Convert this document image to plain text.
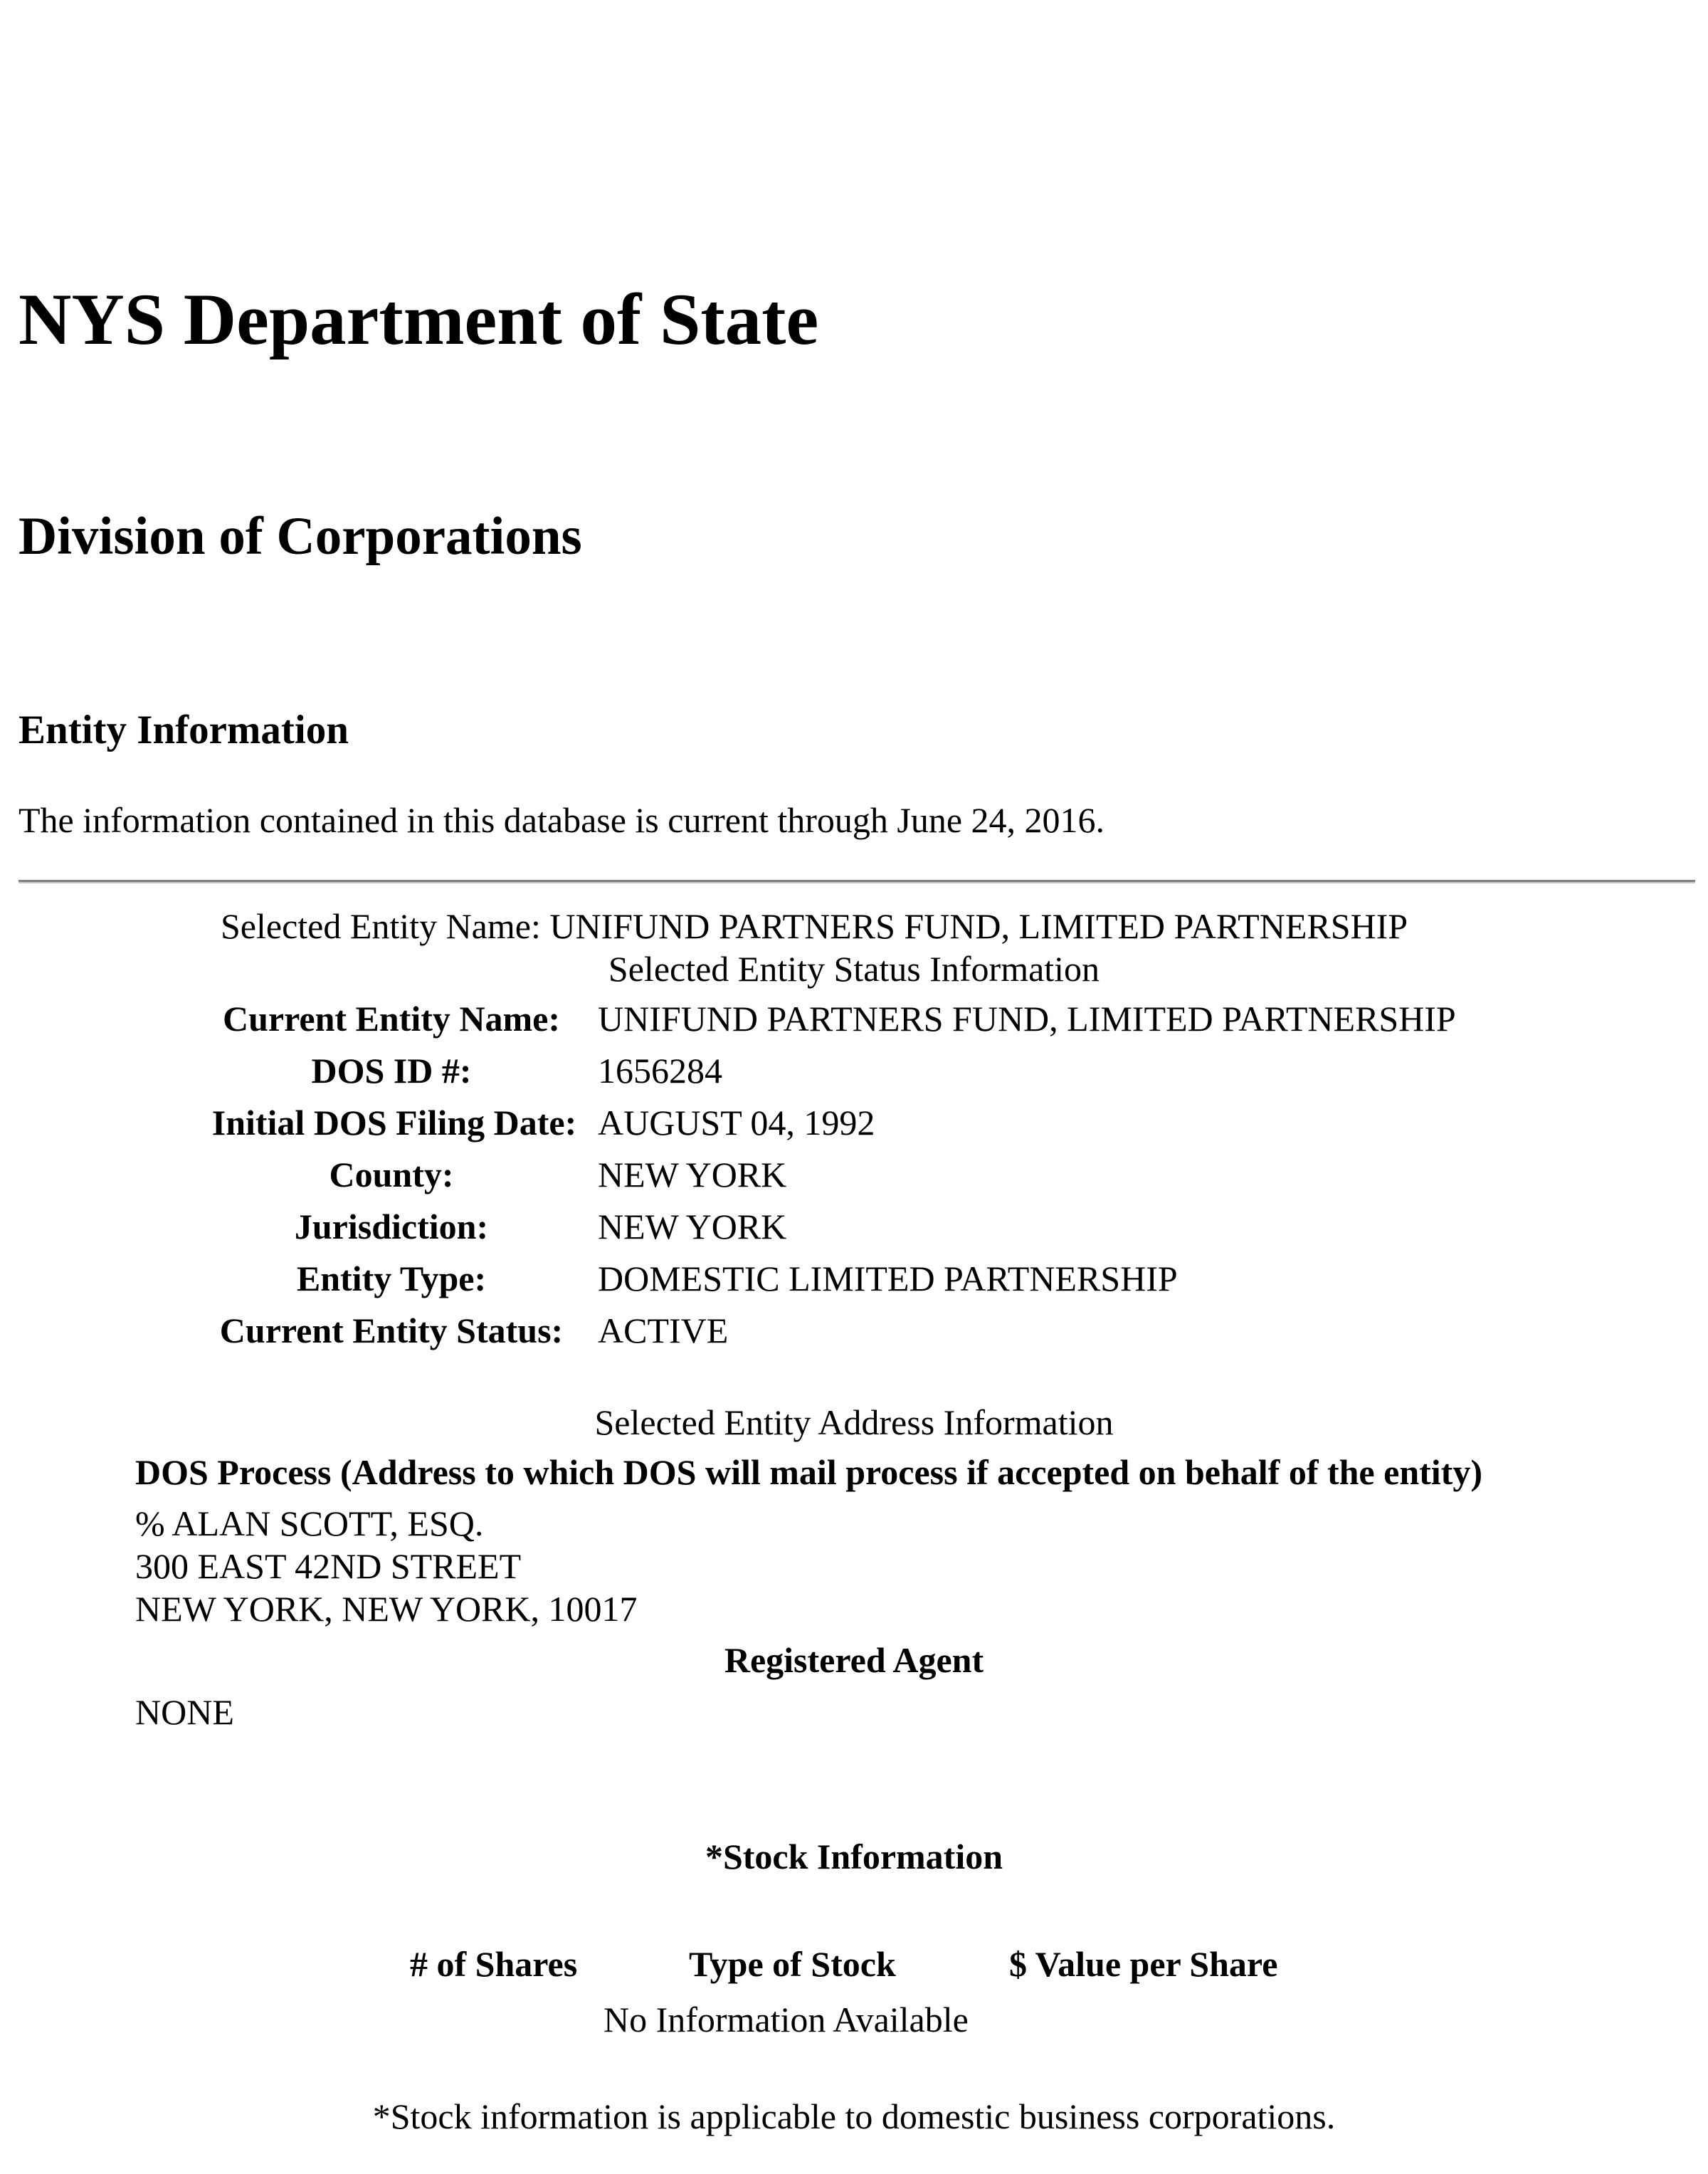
NYS Department of State
Division of Corporations
Entity Information
The information contained in this database is current through June 24, 2016.
Selected Entity Name: UNIFUND PARTNERS FUND, LIMITED PARTNERSHIP
Selected Entity Status Information
Current Entity Name:	UNIFUND PARTNERS FUND, LIMITED PARTNERSHIP
DOS ID #:	1656284
Initial DOS Filing Date: AUGUST 04, 1992
County:	NEW YORK
Jurisdiction:	NEW YORK
Entity Type:	DOMESTIC LIMITED PARTNERSHIP
Current Entity Status: ACTIVE
Selected Entity Address Information
DOS Process (Address to which DOS will mail process if accepted on behalf of the entity)
% ALAN SCOTT, ESQ.
300 EAST 42ND STREET
NEW YORK, NEW YORK, 10017
Registered Agent
NONE
*Stock Information
# of Shares	Type of Stock	$ Value per Share
No Information Available
*Stock information is applicable to domestic business corporations.
